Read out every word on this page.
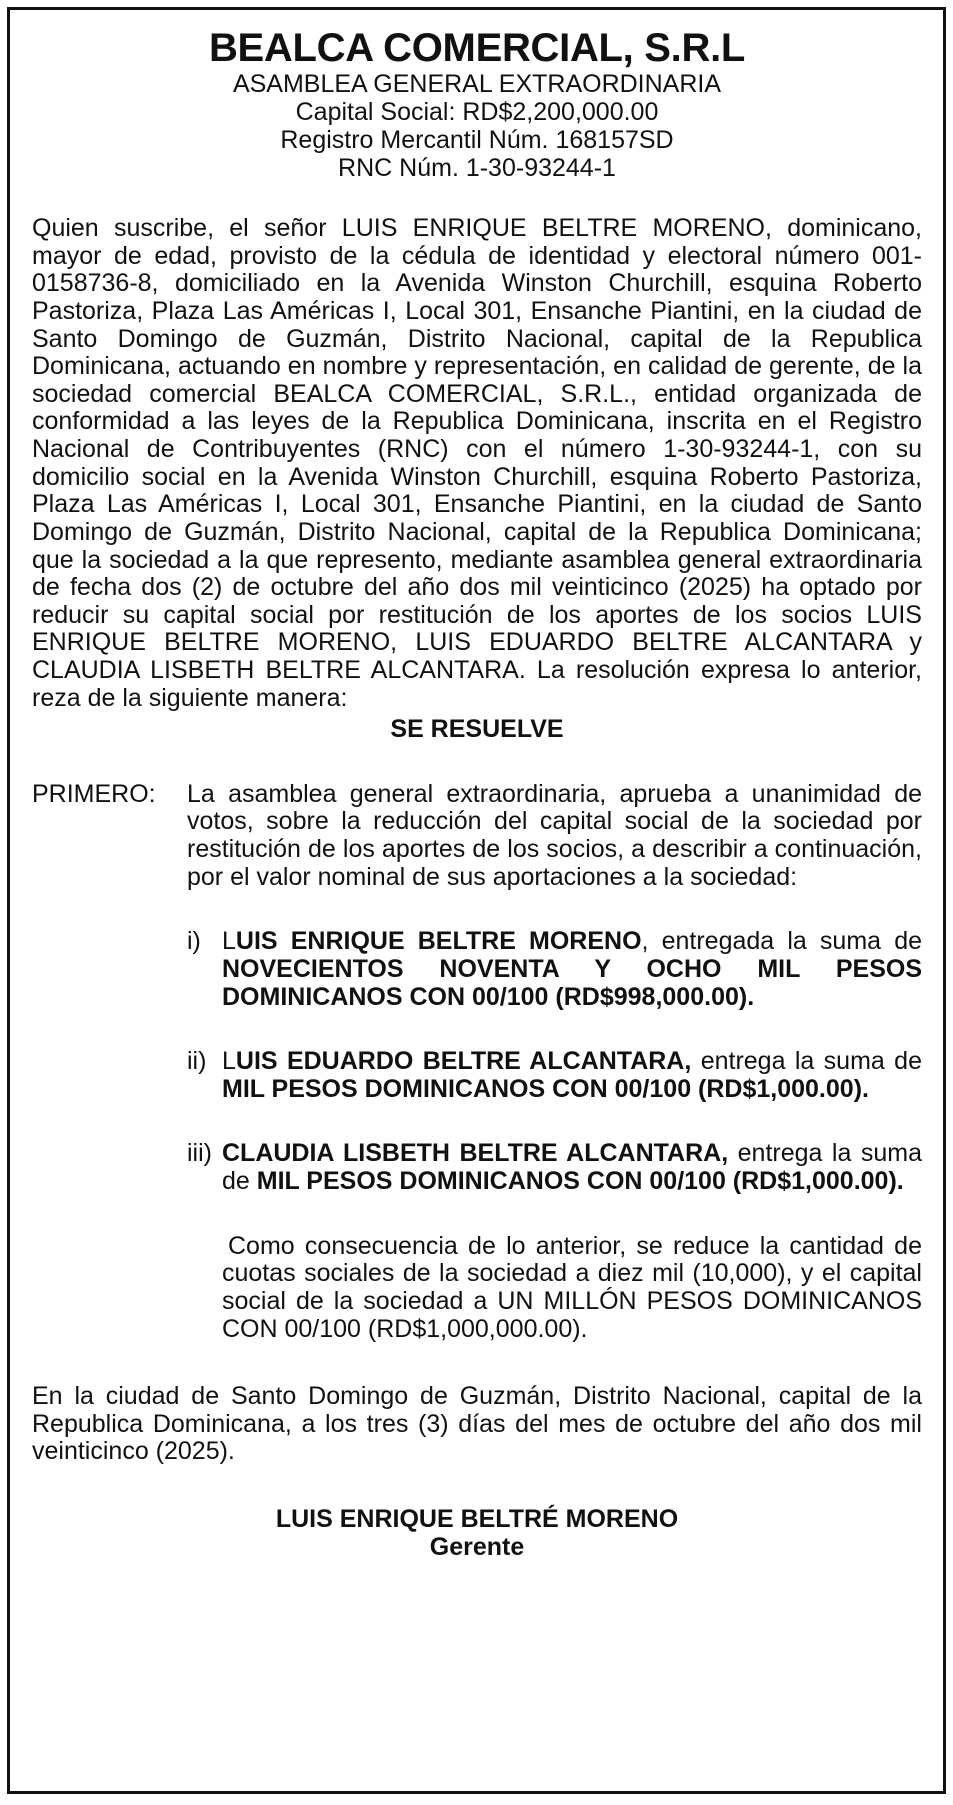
BEALCA COMERCIAL, S.R.L
ASAMBLEA GENERAL EXTRAORDINARIA
Capital Social: RD$2,200,000.00
Registro Mercantil Núm. 168157SD
RNC Núm. 1-30-93244-1

Quien suscribe, el señor LUIS ENRIQUE BELTRE MORENO, dominicano, mayor de edad, provisto de la cédula de identidad y electoral número 001-0158736-8, domiciliado en la Avenida Winston Churchill, esquina Roberto Pastoriza, Plaza Las Américas I, Local 301, Ensanche Piantini, en la ciudad de Santo Domingo de Guzmán, Distrito Nacional, capital de la Republica Dominicana, actuando en nombre y representación, en calidad de gerente, de la sociedad comercial BEALCA COMERCIAL, S.R.L., entidad organizada de conformidad a las leyes de la Republica Dominicana, inscrita en el Registro Nacional de Contribuyentes (RNC) con el número 1-30-93244-1, con su domicilio social en la Avenida Winston Churchill, esquina Roberto Pastoriza, Plaza Las Américas I, Local 301, Ensanche Piantini, en la ciudad de Santo Domingo de Guzmán, Distrito Nacional, capital de la Republica Dominicana; que la sociedad a la que represento, mediante asamblea general extraordinaria de fecha dos (2) de octubre del año dos mil veinticinco (2025) ha optado por reducir su capital social por restitución de los aportes de los socios LUIS ENRIQUE BELTRE MORENO, LUIS EDUARDO BELTRE ALCANTARA y CLAUDIA LISBETH BELTRE ALCANTARA. La resolución expresa lo anterior, reza de la siguiente manera:

SE RESUELVE
PRIMERO: La asamblea general extraordinaria, aprueba a unanimidad de votos, sobre la reducción del capital social de la sociedad por restitución de los aportes de los socios, a describir a continuación, por el valor nominal de sus aportaciones a la sociedad:

i) LUIS ENRIQUE BELTRE MORENO, entregada la suma de NOVECIENTOS NOVENTA Y OCHO MIL PESOS DOMINICANOS CON 00/100 (RD$998,000.00).

ii) LUIS EDUARDO BELTRE ALCANTARA, entrega la suma de MIL PESOS DOMINICANOS CON 00/100 (RD$1,000.00).

iii) CLAUDIA LISBETH BELTRE ALCANTARA, entrega la suma de MIL PESOS DOMINICANOS CON 00/100 (RD$1,000.00).

Como consecuencia de lo anterior, se reduce la cantidad de cuotas sociales de la sociedad a diez mil (10,000), y el capital social de la sociedad a UN MILLÓN PESOS DOMINICANOS CON 00/100 (RD$1,000,000.00).

En la ciudad de Santo Domingo de Guzmán, Distrito Nacional, capital de la Republica Dominicana, a los tres (3) días del mes de octubre del año dos mil veinticinco (2025).

LUIS ENRIQUE BELTRÉ MORENO
Gerente
